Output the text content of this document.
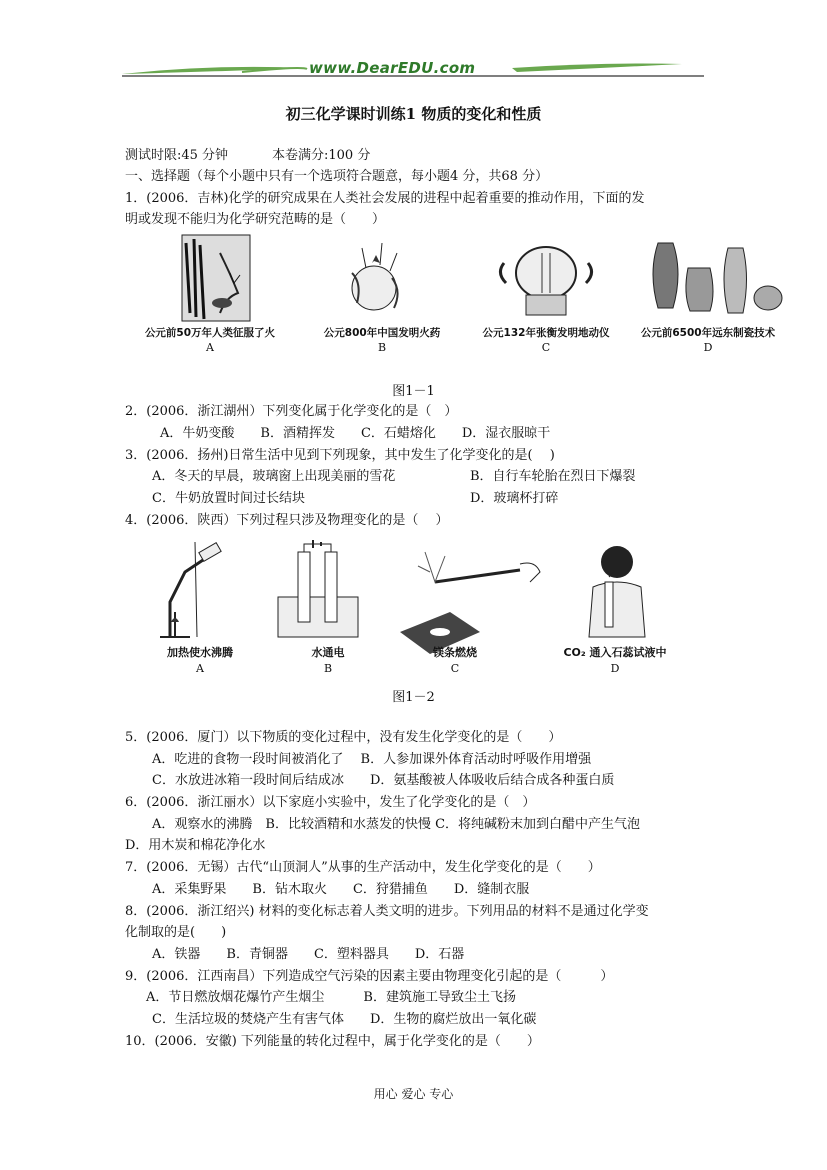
www.DearEDU.com
初三化学课时训练1 物质的变化和性质
测试时限:45 分钟	本卷满分:100 分
一、选择题（每个小题中只有一个选项符合题意，每小题4 分，共68 分）
1．(2006．吉林)化学的研究成果在人类社会发展的进程中起着重要的推动作用，下面的发
明或发现不能归为化学研究范畴的是（　　）
公元前50万年人类征服了火
A
公元800年中国发明火药
B
公元132年张衡发明地动仪
C
公元前6500年远东制瓷技术
D
图1－1
2．(2006．浙江湖州）下列变化属于化学变化的是（　）
A．牛奶变酸　　B．酒精挥发　　C．石蜡熔化　　D．湿衣服晾干
3．(2006．扬州)日常生活中见到下列现象，其中发生了化学变化的是(　 )
A．冬天的早晨，玻璃窗上出现美丽的雪花	B．自行车轮胎在烈日下爆裂
C．牛奶放置时间过长结块	D．玻璃杯打碎
4．(2006．陕西）下列过程只涉及物理变化的是（　 ）
加热使水沸腾
A
水通电
B
镁条燃烧
C
CO₂ 通入石蕊试液中
D
图1－2
5．(2006．厦门）以下物质的变化过程中，没有发生化学变化的是（　　）
A．吃进的食物一段时间被消化了　 B．人参加课外体育活动时呼吸作用增强
C．水放进冰箱一段时间后结成冰　　D．氨基酸被人体吸收后结合成各种蛋白质
6．(2006．浙江丽水）以下家庭小实验中，发生了化学变化的是（　）
A．观察水的沸腾　B．比较酒精和水蒸发的快慢 C．将纯碱粉末加到白醋中产生气泡
D．用木炭和棉花净化水
7．(2006．无锡）古代“山顶洞人”从事的生产活动中，发生化学变化的是（　　）
A．采集野果　　B．钻木取火　　C．狩猎捕鱼　　D．缝制衣服
8．(2006．浙江绍兴) 材料的变化标志着人类文明的进步。下列用品的材料不是通过化学变
化制取的是(　　)
A．铁器　　B．青铜器　　C．塑料器具　　D．石器
9．(2006．江西南昌）下列造成空气污染的因素主要由物理变化引起的是（　　　）
A．节日燃放烟花爆竹产生烟尘　　　B．建筑施工导致尘土飞扬
C．生活垃圾的焚烧产生有害气体　　D．生物的腐烂放出一氧化碳
10．(2006．安徽) 下列能量的转化过程中，属于化学变化的是（　　）
用心 爱心 专心
